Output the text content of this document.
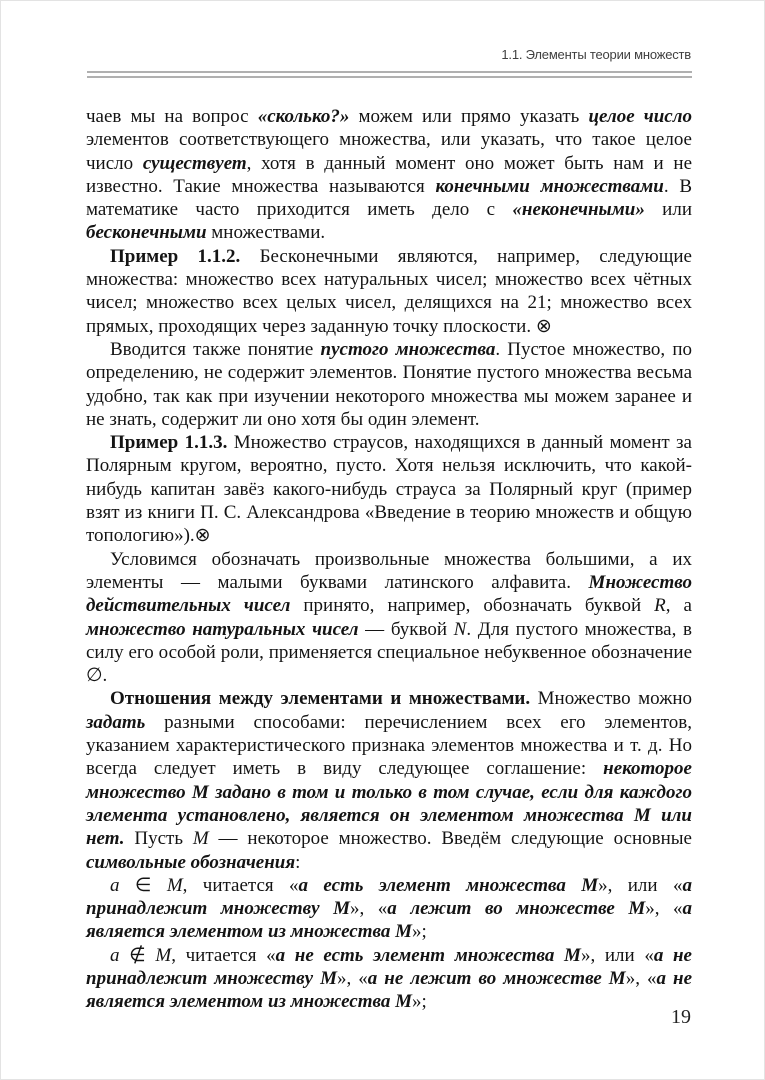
1.1. Элементы теории множеств

чаев мы на вопрос «сколько?» можем или прямо указать целое число элементов соответствующего множества, или указать, что такое целое число существует, хотя в данный момент оно может быть нам и не известно. Такие множества называются конечными множествами. В математике часто приходится иметь дело с «неконечными» или бесконечными множествами.

Пример 1.1.2. Бесконечными являются, например, следующие множества: множество всех натуральных чисел; множество всех чётных чисел; множество всех целых чисел, делящихся на 21; множество всех прямых, проходящих через заданную точку плоскости. ⊗

Вводится также понятие пустого множества. Пустое множество, по определению, не содержит элементов. Понятие пустого множества весьма удобно, так как при изучении некоторого множества мы можем заранее и не знать, содержит ли оно хотя бы один элемент.

Пример 1.1.3. Множество страусов, находящихся в данный момент за Полярным кругом, вероятно, пусто. Хотя нельзя исключить, что какой-нибудь капитан завёз какого-нибудь страуса за Полярный круг (пример взят из книги П. С. Александрова «Введение в теорию множеств и общую топологию»).⊗

Условимся обозначать произвольные множества большими, а их элементы — малыми буквами латинского алфавита. Множество действительных чисел принято, например, обозначать буквой R, а множество натуральных чисел — буквой N. Для пустого множества, в силу его особой роли, применяется специальное небуквенное обозначение ∅.

Отношения между элементами и множествами. Множество можно задать разными способами: перечислением всех его элементов, указанием характеристического признака элементов множества и т. д. Но всегда следует иметь в виду следующее соглашение: некоторое множество M задано в том и только в том случае, если для каждого элемента установлено, является он элементом множества M или нет. Пусть M — некоторое множество. Введём следующие основные символьные обозначения:

a ∈ M, читается «a есть элемент множества M», или «a принадлежит множеству M», «a лежит во множестве M», «a является элементом из множества M»;

a ∉ M, читается «a не есть элемент множества M», или «a не принадлежит множеству M», «a не лежит во множестве M», «a не является элементом из множества M»;

19
